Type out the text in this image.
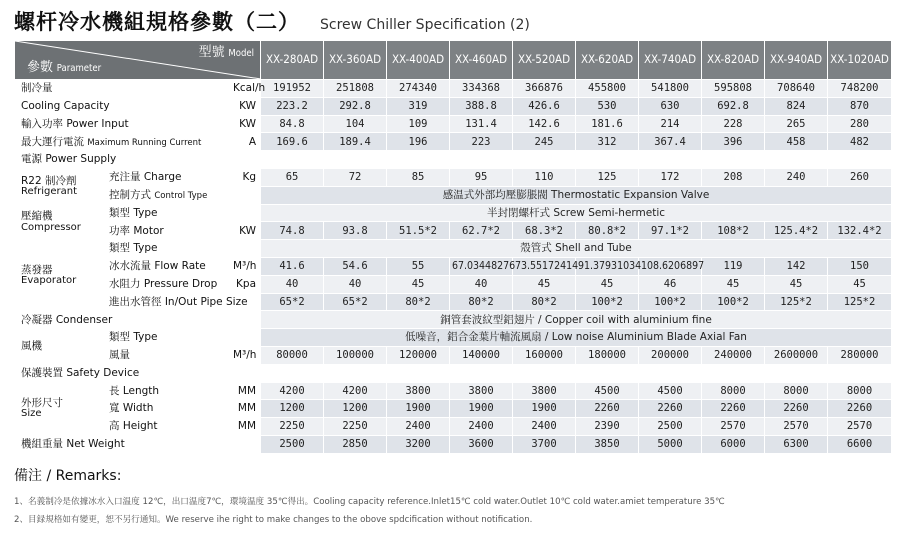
螺杆冷水機組規格參數（二） Screw Chiller Specification (2)
型號 Model
參數 Parameter			XX-280AD	XX-360AD	XX-400AD	XX-460AD	XX-520AD	XX-620AD	XX-740AD	XX-820AD	XX-940AD	XX-1020AD
制冷量		Kcal/h	191952	251808	274340	334368	366876	455800	541800	595808	708640	748200
Cooling Capacity		KW	223.2	292.8	319	388.8	426.6	530	630	692.8	824	870
輸入功率 Power Input		KW	84.8	104	109	131.4	142.6	181.6	214	228	265	280
最大運行電流 Maximum Running Current		A	169.6	189.4	196	223	245	312	367.4	396	458	482
電源 Power Supply												
R22 制冷劑
Refrigerant	充注量 Charge	Kg	65	72	85	95	110	125	172	208	240	260
	控制方式 Control Type		感温式外部均壓膨脹閥 Thermostatic Expansion Valve									
壓縮機
Compressor	類型 Type		半封閉螺杆式 Screw Semi-hermetic									
	功率 Motor	KW	74.8	93.8	51.5*2	62.7*2	68.3*2	80.8*2	97.1*2	108*2	125.4*2	132.4*2
蒸發器
Evaporator	類型 Type		殼管式 Shell and Tube									
	冰水流量 Flow Rate	M³/h	41.6	54.6	55	67.03448276	73.55172414	91.37931034	108.6206897	119	142	150
	水阻力 Pressure Drop	Kpa	40	40	45	40	45	45	46	45	45	45
	進出水管徑 In/Out Pipe Size		65*2	65*2	80*2	80*2	80*2	100*2	100*2	100*2	125*2	125*2
冷凝器 Condenser			銅管套波紋型鋁翅片 / Copper coil with aluminium fine									
風機	類型 Type		低噪音，鋁合金葉片軸流風扇 / Low noise Aluminium Blade Axial Fan									
	風量	M³/h	80000	100000	120000	140000	160000	180000	200000	240000	2600000	280000
保護裝置 Safety Device												
外形尺寸
Size	長 Length	MM	4200	4200	3800	3800	3800	4500	4500	8000	8000	8000
	寬 Width	MM	1200	1200	1900	1900	1900	2260	2260	2260	2260	2260
	高 Height	MM	2250	2250	2400	2400	2400	2390	2500	2570	2570	2570
機組重量 Net Weight			2500	2850	3200	3600	3700	3850	5000	6000	6300	6600
備注 / Remarks:
1、名義制冷是依據冰水入口温度 12℃，出口温度7℃，環境温度 35℃得出。Cooling capacity reference.Inlet15℃ cold water.Outlet 10℃ cold water.amiet temperature 35℃
2、目録規格如有變更，恕不另行通知。We reserve ihe right to make changes to the obove spdcification without notification.
